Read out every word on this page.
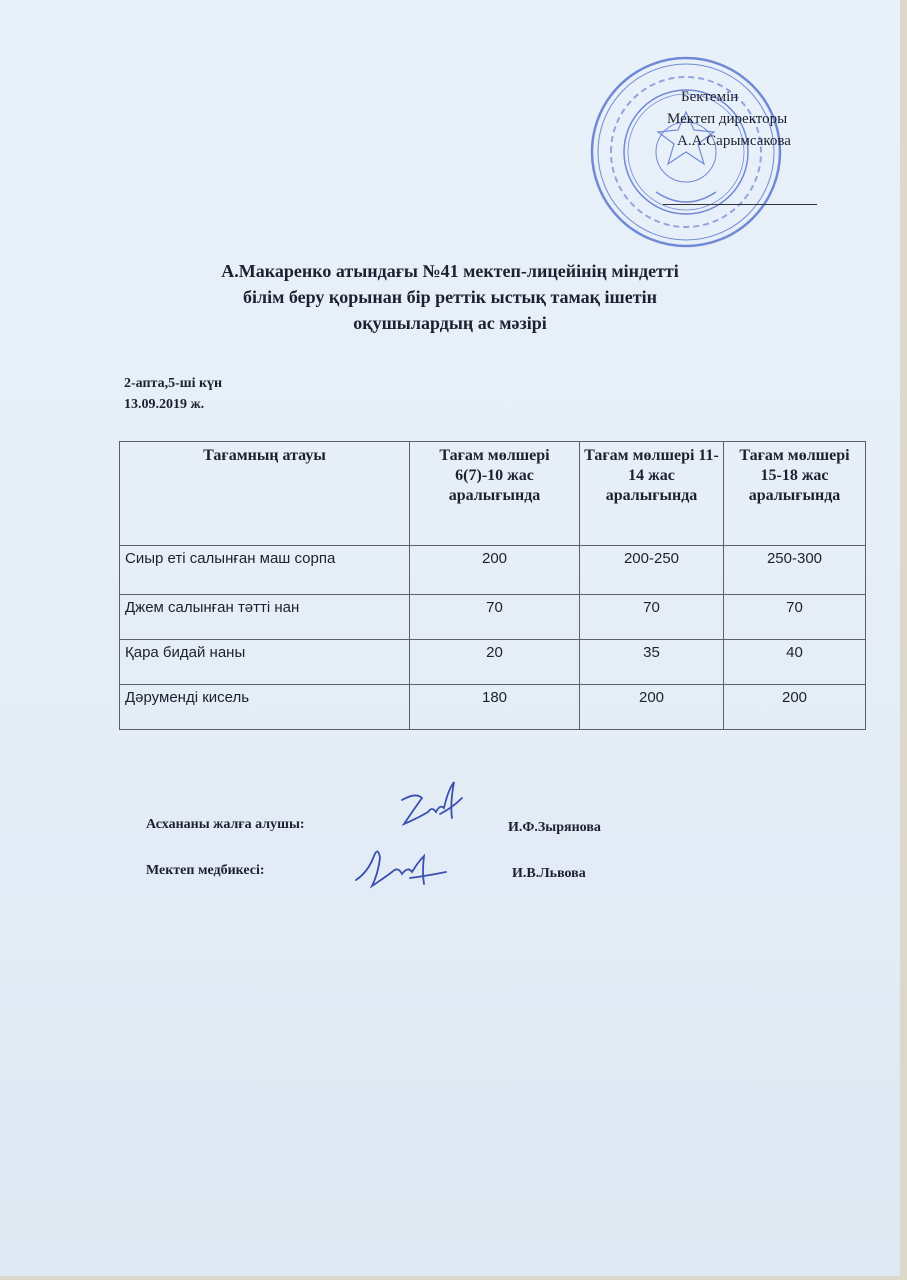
Бектемін
Мектеп директоры
А.А.Сарымсакова
А.Макаренко атындағы №41 мектеп-лицейінің міндетті
білім беру қорынан бір реттік ыстық тамақ ішетін
оқушылардың ас мәзірі
2-апта,5-ші күн
13.09.2019 ж.
Тағамның атауы	Тағам мөлшері 6(7)-10 жас аралығында	Тағам мөлшері 11-14 жас аралығында	Тағам мөлшері 15-18 жас аралығында
Сиыр еті салынған маш сорпа	200	200-250	250-300
Джем салынған тәтті нан	70	70	70
Қара бидай наны	20	35	40
Дәруменді кисель	180	200	200
Асхананы жалға алушы:	И.Ф.Зырянова
Мектеп медбикесі:	И.В.Львова
